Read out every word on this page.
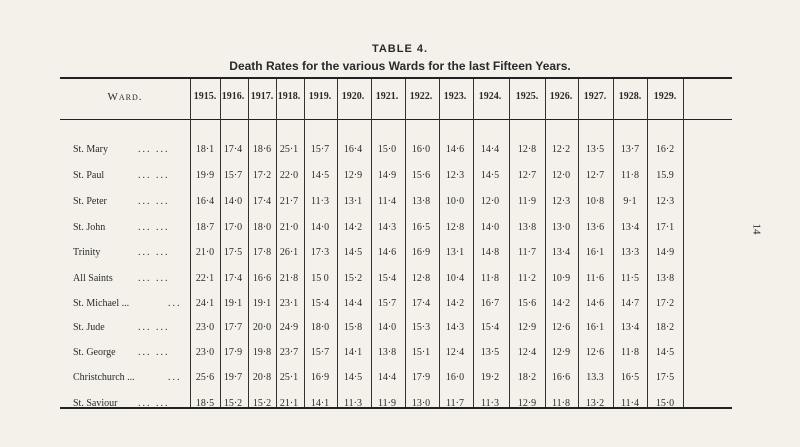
TABLE 4.
Death Rates for the various Wards for the last Fifteen Years.
14
Ward.	1915. 1916. 1917. 1918. 1919.	1920.	1921.	1922.	1923.	1924.	1925.	1926.	1927.	1928.	1929.
St. Mary	... ...	18·1 17·4	18·6 25·1	15·7	16·4	15·0	16·0	14·6	14·4	12·8	12·2	13·5	13·7	16·2
St. Paul	... ...	19·9 15·7	17·2 22·0	14·5	12·9	14·9	15·6	12·3	14·5	12·7	12·0	12·7	11·8	15.9
St. Peter	... ...	16·4 14·0	17·4 21·7	11·3	13·1	11·4	13·8	10·0	12·0	11·9	12·3	10·8	9·1	12·3
St. John	... ...	18·7 17·0	18·0 21·0	14·0	14·2	14·3	16·5	12·8	14·0	13·8	13·0	13·6	13·4	17·1
Trinity	... ...	21·0 17·5	17·8 26·1	17·3	14·5	14·6	16·9	13·1	14·8	11·7	13·4	16·1	13·3	14·9
All Saints	... ...	22·1 17·4	16·6 21·8	15 0	15·2	15·4	12·8	10·4	11·8	11·2	10·9	11·6	11·5	13·8
St. Michael ...	...	24·1 19·1	19·1 23·1	15·4	14·4	15·7	17·4	14·2	16·7	15·6	14·2	14·6	14·7	17·2
St. Jude	... ...	23·0 17·7	20·0 24·9	18·0	15·8	14·0	15·3	14·3	15·4	12·9	12·6	16·1	13·4	18·2
St. George ... ...	23·0 17·9	19·8 23·7	15·7	14·1	13·8	15·1	12·4	13·5	12·4	12·9	12·6	11·8	14·5
Christchurch ...	...	25·6 19·7	20·8 25·1	16·9	14·5	14·4	17·9	16·0	19·2	18·2	16·6	13.3	16·5	17·5
St. Saviour ... ...	18·5 15·2	15·2 21·1	14·1	11·3	11·9	13·0	11·7	11·3	12·9	11·8	13·2	11·4	15·0
